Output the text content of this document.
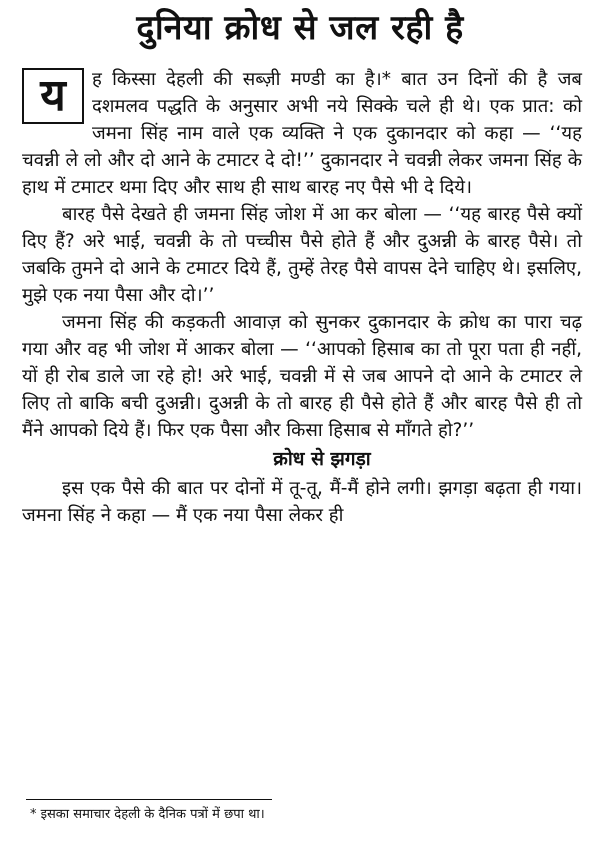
दुनिया क्रोध से जल रही है

य	ह किस्सा देहली की सब्ज़ी मण्डी का है।* बात उन दिनों की है जब दशमलव पद्धति के अनुसार अभी नये सिक्के चले ही थे। एक प्रात: को जमना सिंह नाम वाले एक व्यक्ति ने एक दुकानदार को कहा — ‘‘यह चवन्नी ले लो और दो आने के टमाटर दे दो!’’ दुकानदार ने चवन्नी लेकर जमना सिंह के हाथ में टमाटर थमा दिए और साथ ही साथ बारह नए पैसे भी दे दिये।

बारह पैसे देखते ही जमना सिंह जोश में आ कर बोला — ‘‘यह बारह पैसे क्यों दिए हैं? अरे भाई, चवन्नी के तो पच्चीस पैसे होते हैं और दुअन्नी के बारह पैसे। तो जबकि तुमने दो आने के टमाटर दिये हैं, तुम्हें तेरह पैसे वापस देने चाहिए थे। इसलिए, मुझे एक नया पैसा और दो।’’

जमना सिंह की कड़कती आवाज़ को सुनकर दुकानदार के क्रोध का पारा चढ़ गया और वह भी जोश में आकर बोला — ‘‘आपको हिसाब का तो पूरा पता ही नहीं, यों ही रोब डाले जा रहे हो! अरे भाई, चवन्नी में से जब आपने दो आने के टमाटर ले लिए तो बाकि बची दुअन्नी। दुअन्नी के तो बारह ही पैसे होते हैं और बारह पैसे ही तो मैंने आपको दिये हैं। फिर एक पैसा और किसा हिसाब से माँगते हो?’’

क्रोध से झगड़ा

इस एक पैसे की बात पर दोनों में तू-तू, मैं-मैं होने लगी। झगड़ा बढ़ता ही गया। जमना सिंह ने कहा — मैं एक नया पैसा लेकर ही

* इसका समाचार देहली के दैनिक पत्रों में छपा था।
